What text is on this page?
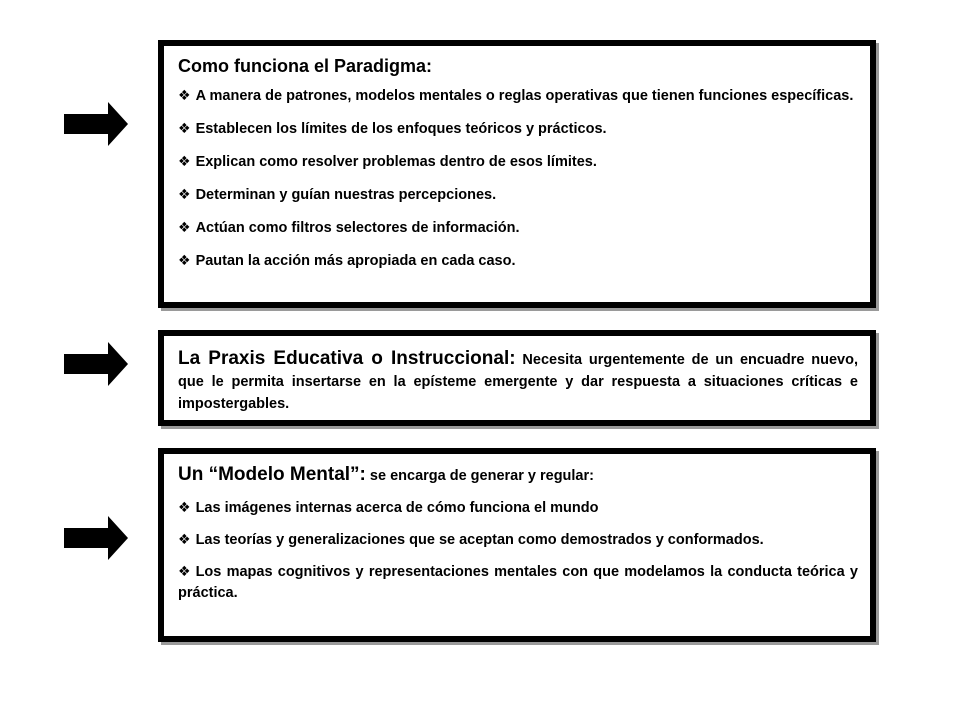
Como funciona el Paradigma:
❖ A manera de patrones, modelos mentales o reglas operativas que tienen funciones específicas.
❖ Establecen los límites de los enfoques teóricos y prácticos.
❖ Explican como resolver problemas dentro de esos límites.
❖ Determinan y guían nuestras percepciones.
❖ Actúan como filtros selectores de información.
❖ Pautan la acción más apropiada en cada caso.

La Praxis Educativa o Instruccional: Necesita urgentemente de un encuadre nuevo, que le permita insertarse en la epísteme emergente y dar respuesta a situaciones críticas e impostergables.

Un “Modelo Mental”: se encarga de generar y regular:

❖ Las imágenes internas acerca de cómo funciona el mundo
❖ Las teorías y generalizaciones que se aceptan como demostrados y conformados.
❖ Los mapas cognitivos y representaciones mentales con que modelamos la conducta teórica y práctica.
